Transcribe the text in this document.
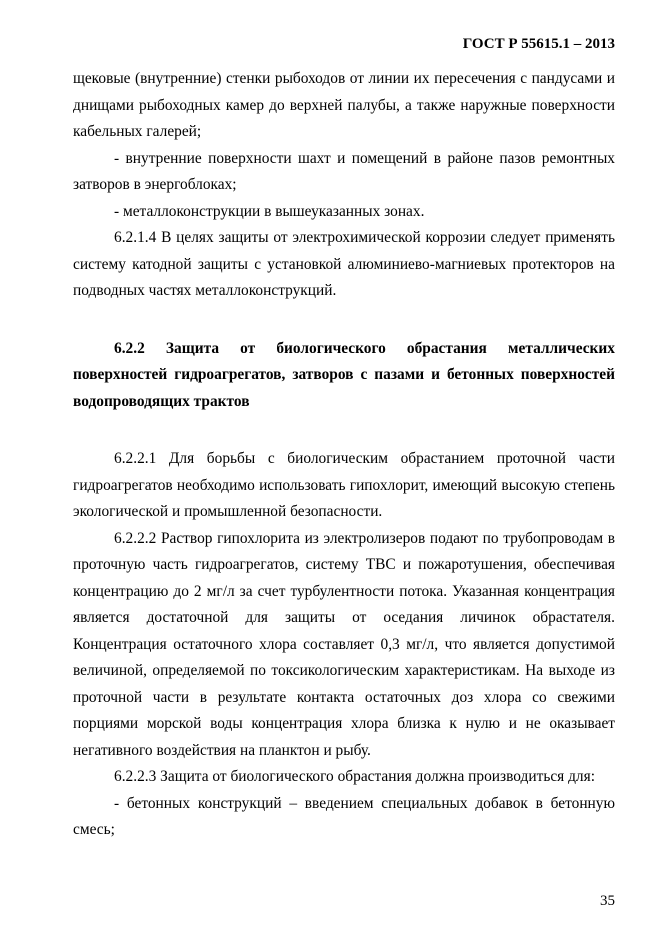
ГОСТ Р 55615.1 – 2013

щековые (внутренние) стенки рыбоходов от линии их пересечения с пандусами и днищами рыбоходных камер до верхней палубы, а также наружные поверхности кабельных галерей;

- внутренние поверхности шахт и помещений в районе пазов ремонтных затворов в энергоблоках;

- металлоконструкции в вышеуказанных зонах.

6.2.1.4 В целях защиты от электрохимической коррозии следует применять систему катодной защиты с установкой алюминиево-магниевых протекторов на подводных частях металлоконструкций.

6.2.2 Защита от биологического обрастания металлических поверхностей гидроагрегатов, затворов с пазами и бетонных поверхностей водопроводящих трактов

6.2.2.1 Для борьбы с биологическим обрастанием проточной части гидроагрегатов необходимо использовать гипохлорит, имеющий высокую степень экологической и промышленной безопасности.

6.2.2.2 Раствор гипохлорита из электролизеров подают по трубопроводам в проточную часть гидроагрегатов, систему ТВС и пожаротушения, обеспечивая концентрацию до 2 мг/л за счет турбулентности потока. Указанная концентрация является достаточной для защиты от оседания личинок обрастателя. Концентрация остаточного хлора составляет 0,3 мг/л, что является допустимой величиной, определяемой по токсикологическим характеристикам. На выходе из проточной части в результате контакта остаточных доз хлора со свежими порциями морской воды концентрация хлора близка к нулю и не оказывает негативного воздействия на планктон и рыбу.

6.2.2.3 Защита от биологического обрастания должна производиться для:

- бетонных конструкций – введением специальных добавок в бетонную смесь;

35
